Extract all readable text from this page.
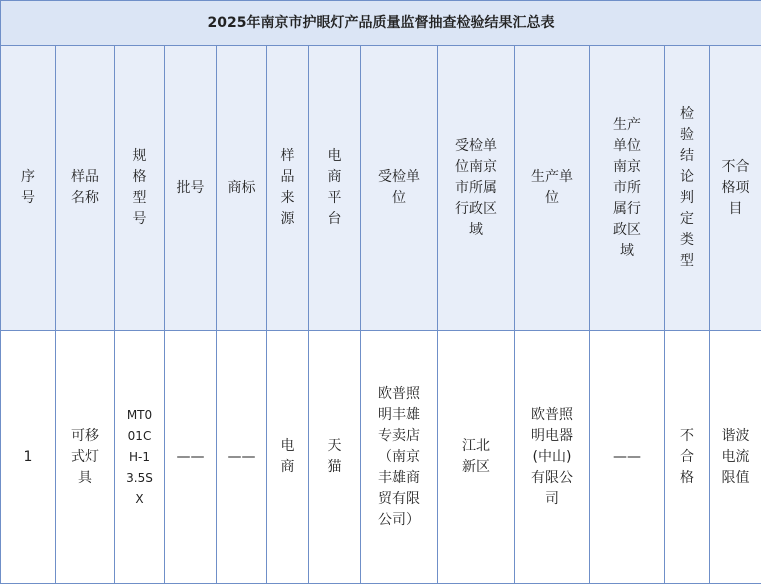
2025年南京市护眼灯产品质量监督抽查检验结果汇总表												

序号	样品名称	规格型号	批号	商标	样品来源	电商平台	受检单位	受检单位南京市所属行政区域	生产单位	生产单位南京市所属行政区域	检验结论判定类型	不合格项目

1	可移式灯具	MT001CH-13.5SX	——	——	电商	天猫	欧普照明丰雄专卖店（南京丰雄商贸有限公司）	江北新区	欧普照明电器(中山)有限公司	——	不合格	谐波电流限值
